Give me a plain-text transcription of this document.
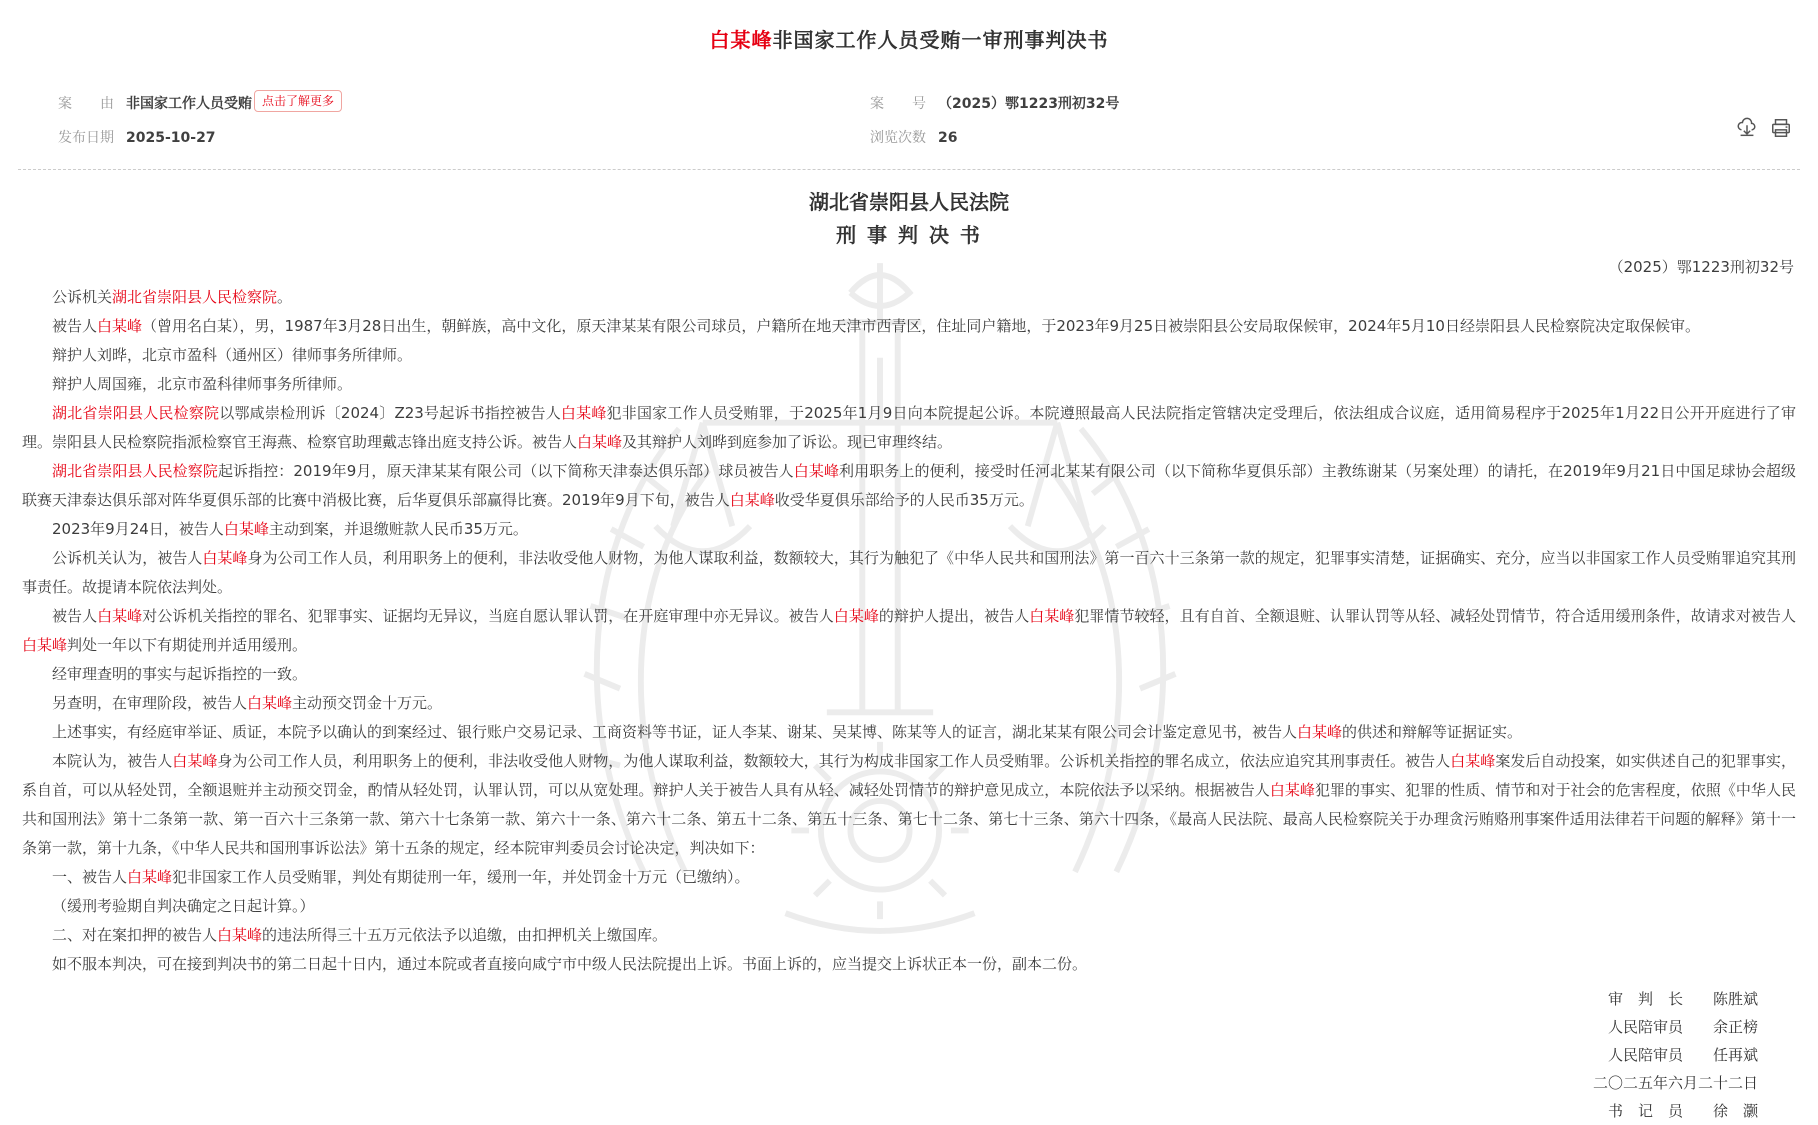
白某峰非国家工作人员受贿一审刑事判决书
案　　由 非国家工作人员受贿 点击了解更多	案　　号 （2025）鄂1223刑初32号
发布日期 2025-10-27	浏览次数 26

湖北省崇阳县人民法院
刑 事 判 决 书
（2025）鄂1223刑初32号

公诉机关湖北省崇阳县人民检察院。

被告人白某峰（曾用名白某），男，1987年3月28日出生，朝鲜族，高中文化，原天津某某有限公司球员，户籍所在地天津市西青区，住址同户籍地，于2023年9月25日被崇阳县公安局取保候审，2024年5月10日经崇阳县人民检察院决定取保候审。

辩护人刘晔，北京市盈科（通州区）律师事务所律师。

辩护人周国雍，北京市盈科律师事务所律师。

湖北省崇阳县人民检察院以鄂咸崇检刑诉〔2024〕Z23号起诉书指控被告人白某峰犯非国家工作人员受贿罪，于2025年1月9日向本院提起公诉。本院遵照最高人民法院指定管辖决定受理后，依法组成合议庭，适用简易程序于2025年1月22日公开开庭进行了审理。崇阳县人民检察院指派检察官王海燕、检察官助理戴志锋出庭支持公诉。被告人白某峰及其辩护人刘晔到庭参加了诉讼。现已审理终结。

湖北省崇阳县人民检察院起诉指控：2019年9月，原天津某某有限公司（以下简称天津泰达俱乐部）球员被告人白某峰利用职务上的便利，接受时任河北某某有限公司（以下简称华夏俱乐部）主教练谢某（另案处理）的请托，在2019年9月21日中国足球协会超级联赛天津泰达俱乐部对阵华夏俱乐部的比赛中消极比赛，后华夏俱乐部赢得比赛。2019年9月下旬，被告人白某峰收受华夏俱乐部给予的人民币35万元。

2023年9月24日，被告人白某峰主动到案，并退缴赃款人民币35万元。

公诉机关认为，被告人白某峰身为公司工作人员，利用职务上的便利，非法收受他人财物，为他人谋取利益，数额较大，其行为触犯了《中华人民共和国刑法》第一百六十三条第一款的规定，犯罪事实清楚，证据确实、充分，应当以非国家工作人员受贿罪追究其刑事责任。故提请本院依法判处。

被告人白某峰对公诉机关指控的罪名、犯罪事实、证据均无异议，当庭自愿认罪认罚，在开庭审理中亦无异议。被告人白某峰的辩护人提出，被告人白某峰犯罪情节较轻，且有自首、全额退赃、认罪认罚等从轻、减轻处罚情节，符合适用缓刑条件，故请求对被告人白某峰判处一年以下有期徒刑并适用缓刑。

经审理查明的事实与起诉指控的一致。

另查明，在审理阶段，被告人白某峰主动预交罚金十万元。

上述事实，有经庭审举证、质证，本院予以确认的到案经过、银行账户交易记录、工商资料等书证，证人李某、谢某、吴某博、陈某等人的证言，湖北某某有限公司会计鉴定意见书，被告人白某峰的供述和辩解等证据证实。

本院认为，被告人白某峰身为公司工作人员，利用职务上的便利，非法收受他人财物，为他人谋取利益，数额较大，其行为构成非国家工作人员受贿罪。公诉机关指控的罪名成立，依法应追究其刑事责任。被告人白某峰案发后自动投案，如实供述自己的犯罪事实，系自首，可以从轻处罚，全额退赃并主动预交罚金，酌情从轻处罚，认罪认罚，可以从宽处理。辩护人关于被告人具有从轻、减轻处罚情节的辩护意见成立，本院依法予以采纳。根据被告人白某峰犯罪的事实、犯罪的性质、情节和对于社会的危害程度，依照《中华人民共和国刑法》第十二条第一款、第一百六十三条第一款、第六十七条第一款、第六十一条、第六十二条、第五十二条、第五十三条、第七十二条、第七十三条、第六十四条，《最高人民法院、最高人民检察院关于办理贪污贿赂刑事案件适用法律若干问题的解释》第十一条第一款，第十九条，《中华人民共和国刑事诉讼法》第十五条的规定，经本院审判委员会讨论决定，判决如下：

一、被告人白某峰犯非国家工作人员受贿罪，判处有期徒刑一年，缓刑一年，并处罚金十万元（已缴纳）。

（缓刑考验期自判决确定之日起计算。）

二、对在案扣押的被告人白某峰的违法所得三十五万元依法予以追缴，由扣押机关上缴国库。

如不服本判决，可在接到判决书的第二日起十日内，通过本院或者直接向咸宁市中级人民法院提出上诉。书面上诉的，应当提交上诉状正本一份，副本二份。

审　判　长　　陈胜斌
人民陪审员　　余正榜
人民陪审员　　任再斌
二〇二五年六月二十二日
书　记　员　　徐　灏
